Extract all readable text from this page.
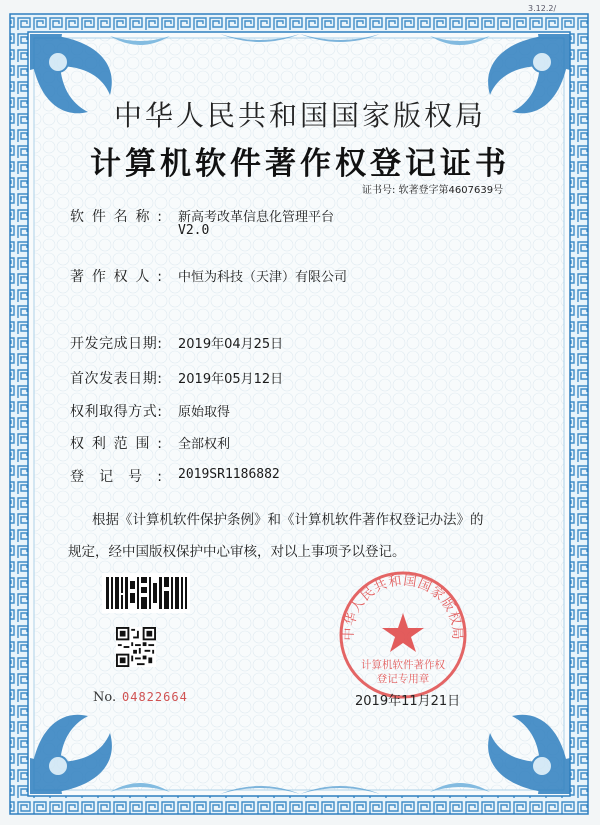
3.12.2/
中华人民共和国国家版权局
计算机软件著作权登记证书
证书号: 软著登字第4607639号
软件名称: 新高考改革信息化管理平台
V2.0
著作权人: 中恒为科技（天津）有限公司
开发完成日期: 2019年04月25日
首次发表日期: 2019年05月12日
权利取得方式: 原始取得
权利范围: 全部权利
登记号: 2019SR1186882
根据《计算机软件保护条例》和《计算机软件著作权登记办法》的
规定，经中国版权保护中心审核，对以上事项予以登记。
No. 04822664
中华人民共和国国家版权局
计算机软件著作权
登记专用章
2019年11月21日
